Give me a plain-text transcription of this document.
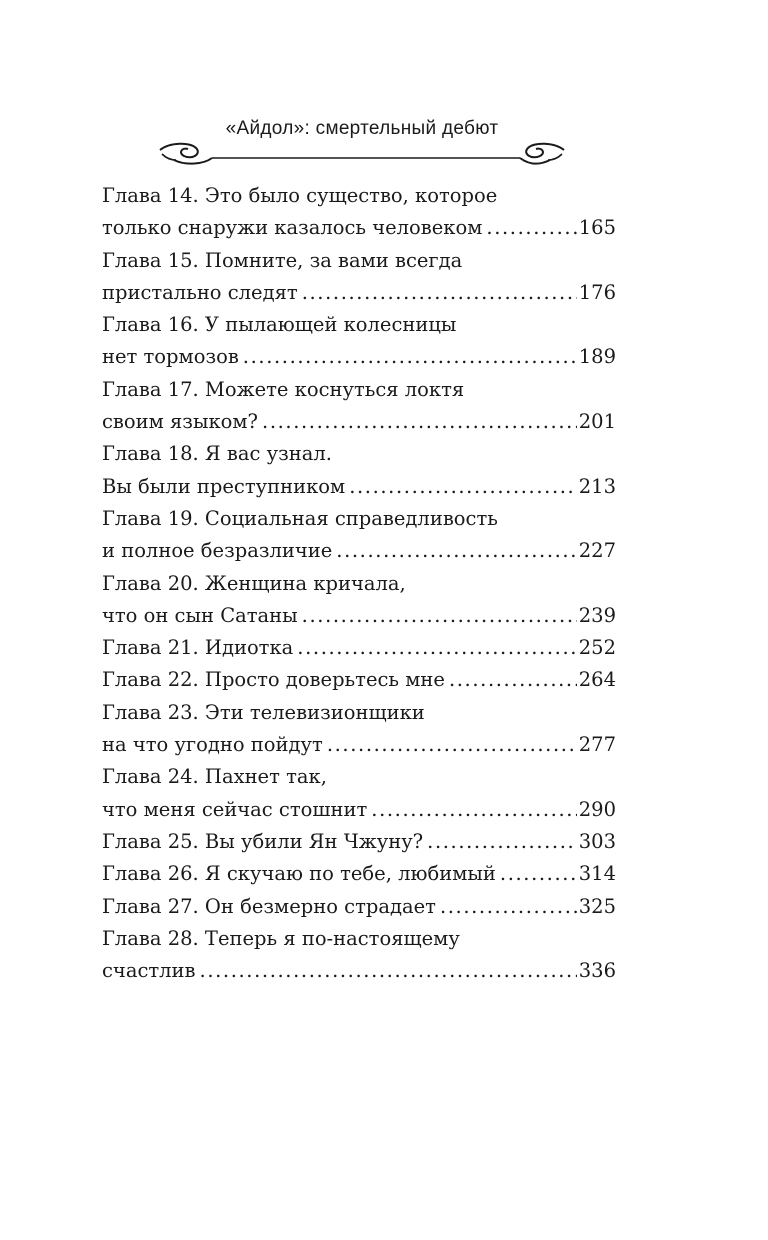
«Айдол»: смертельный дебют
Глава 14. Это было существо, которое
только снаружи казалось человеком .....	165
Глава 15. Помните, за вами всегда
пристально следят .....	176
Глава 16. У пылающей колесницы
нет тормозов .....	189
Глава 17. Можете коснуться локтя
своим языком? .....	201
Глава 18. Я вас узнал.
Вы были преступником .....	213
Глава 19. Социальная справедливость
и полное безразличие .....	227
Глава 20. Женщина кричала,
что он сын Сатаны .....	239
Глава 21. Идиотка .....	252
Глава 22. Просто доверьтесь мне .....	264
Глава 23. Эти телевизионщики
на что угодно пойдут .....	277
Глава 24. Пахнет так,
что меня сейчас стошнит .....	290
Глава 25. Вы убили Ян Чжуну? .....	303
Глава 26. Я скучаю по тебе, любимый .....	314
Глава 27. Он безмерно страдает .....	325
Глава 28. Теперь я по-настоящему
счастлив .....	336
